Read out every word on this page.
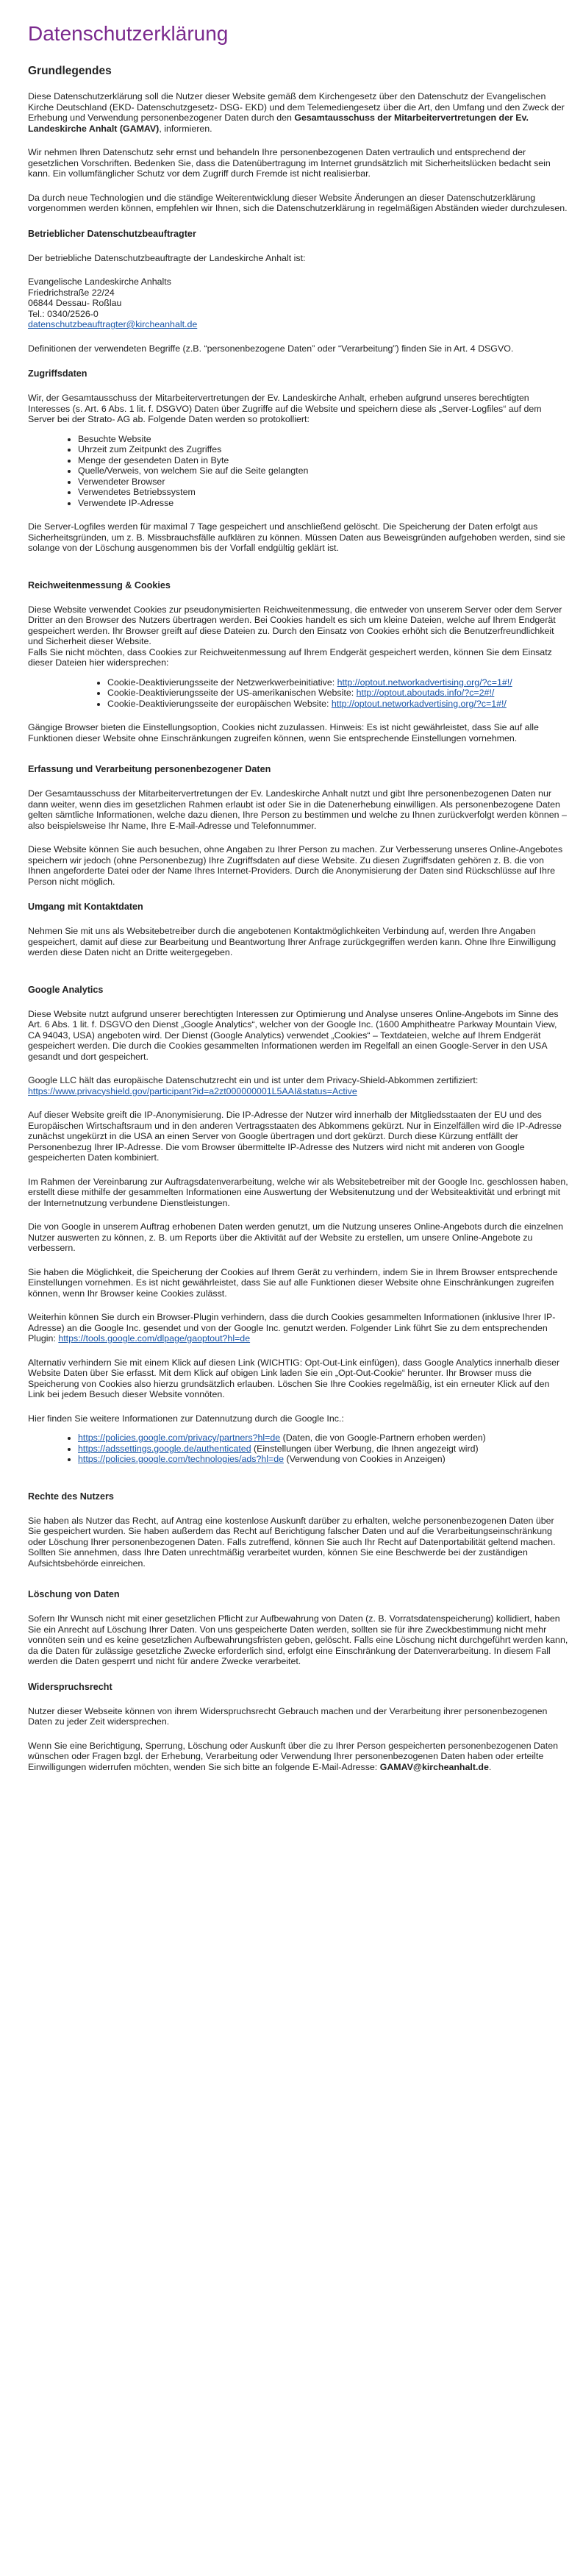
Datenschutzerklärung
Grundlegendes

Diese Datenschutzerklärung soll die Nutzer dieser Website gemäß dem Kirchengesetz über den Datenschutz der Evangelischen Kirche Deutschland (EKD- Datenschutzgesetz- DSG- EKD) und dem Telemediengesetz über die Art, den Umfang und den Zweck der Erhebung und Verwendung personenbezogener Daten durch den Gesamtausschuss der Mitarbeitervertretungen der Ev. Landeskirche Anhalt (GAMAV), informieren.

Wir nehmen Ihren Datenschutz sehr ernst und behandeln Ihre personenbezogenen Daten vertraulich und entsprechend der gesetzlichen Vorschriften. Bedenken Sie, dass die Datenübertragung im Internet grundsätzlich mit Sicherheitslücken bedacht sein kann. Ein vollumfänglicher Schutz vor dem Zugriff durch Fremde ist nicht realisierbar.

Da durch neue Technologien und die ständige Weiterentwicklung dieser Website Änderungen an dieser Datenschutzerklärung vorgenommen werden können, empfehlen wir Ihnen, sich die Datenschutzerklärung in regelmäßigen Abständen wieder durchzulesen.

Betrieblicher Datenschutzbeauftragter

Der betriebliche Datenschutzbeauftragte der Landeskirche Anhalt ist:

Evangelische Landeskirche Anhalts
Friedrichstraße 22/24
06844 Dessau- Roßlau
Tel.: 0340/2526-0
datenschutzbeauftragter@kircheanhalt.de

Definitionen der verwendeten Begriffe (z.B. “personenbezogene Daten” oder “Verarbeitung”) finden Sie in Art. 4 DSGVO.

Zugriffsdaten

Wir, der Gesamtausschuss der Mitarbeitervertretungen der Ev. Landeskirche Anhalt, erheben aufgrund unseres berechtigten Interesses (s. Art. 6 Abs. 1 lit. f. DSGVO) Daten über Zugriffe auf die Website und speichern diese als „Server-Logfiles“ auf dem Server bei der Strato- AG ab. Folgende Daten werden so protokolliert:

• Besuchte Website
• Uhrzeit zum Zeitpunkt des Zugriffes
• Menge der gesendeten Daten in Byte
• Quelle/Verweis, von welchem Sie auf die Seite gelangten
• Verwendeter Browser
• Verwendetes Betriebssystem
• Verwendete IP-Adresse

Die Server-Logfiles werden für maximal 7 Tage gespeichert und anschließend gelöscht. Die Speicherung der Daten erfolgt aus Sicherheitsgründen, um z. B. Missbrauchsfälle aufklären zu können. Müssen Daten aus Beweisgründen aufgehoben werden, sind sie solange von der Löschung ausgenommen bis der Vorfall endgültig geklärt ist.

Reichweitenmessung & Cookies

Diese Website verwendet Cookies zur pseudonymisierten Reichweitenmessung, die entweder von unserem Server oder dem Server Dritter an den Browser des Nutzers übertragen werden. Bei Cookies handelt es sich um kleine Dateien, welche auf Ihrem Endgerät gespeichert werden. Ihr Browser greift auf diese Dateien zu. Durch den Einsatz von Cookies erhöht sich die Benutzerfreundlichkeit und Sicherheit dieser Website.
Falls Sie nicht möchten, dass Cookies zur Reichweitenmessung auf Ihrem Endgerät gespeichert werden, können Sie dem Einsatz dieser Dateien hier widersprechen:

• Cookie-Deaktivierungsseite der Netzwerkwerbeinitiative: http://optout.networkadvertising.org/?c=1#!/
• Cookie-Deaktivierungsseite der US-amerikanischen Website: http://optout.aboutads.info/?c=2#!/
• Cookie-Deaktivierungsseite der europäischen Website: http://optout.networkadvertising.org/?c=1#!/

Gängige Browser bieten die Einstellungsoption, Cookies nicht zuzulassen. Hinweis: Es ist nicht gewährleistet, dass Sie auf alle Funktionen dieser Website ohne Einschränkungen zugreifen können, wenn Sie entsprechende Einstellungen vornehmen.

Erfassung und Verarbeitung personenbezogener Daten

Der Gesamtausschuss der Mitarbeitervertretungen der Ev. Landeskirche Anhalt nutzt und gibt Ihre personenbezogenen Daten nur dann weiter, wenn dies im gesetzlichen Rahmen erlaubt ist oder Sie in die Datenerhebung einwilligen. Als personenbezogene Daten gelten sämtliche Informationen, welche dazu dienen, Ihre Person zu bestimmen und welche zu Ihnen zurückverfolgt werden können – also beispielsweise Ihr Name, Ihre E-Mail-Adresse und Telefonnummer.

Diese Website können Sie auch besuchen, ohne Angaben zu Ihrer Person zu machen. Zur Verbesserung unseres Online-Angebotes speichern wir jedoch (ohne Personenbezug) Ihre Zugriffsdaten auf diese Website. Zu diesen Zugriffsdaten gehören z. B. die von Ihnen angeforderte Datei oder der Name Ihres Internet-Providers. Durch die Anonymisierung der Daten sind Rückschlüsse auf Ihre Person nicht möglich.

Umgang mit Kontaktdaten

Nehmen Sie mit uns als Websitebetreiber durch die angebotenen Kontaktmöglichkeiten Verbindung auf, werden Ihre Angaben gespeichert, damit auf diese zur Bearbeitung und Beantwortung Ihrer Anfrage zurückgegriffen werden kann. Ohne Ihre Einwilligung werden diese Daten nicht an Dritte weitergegeben.

Google Analytics

Diese Website nutzt aufgrund unserer berechtigten Interessen zur Optimierung und Analyse unseres Online-Angebots im Sinne des Art. 6 Abs. 1 lit. f. DSGVO den Dienst „Google Analytics“, welcher von der Google Inc. (1600 Amphitheatre Parkway Mountain View, CA 94043, USA) angeboten wird. Der Dienst (Google Analytics) verwendet „Cookies“ – Textdateien, welche auf Ihrem Endgerät gespeichert werden. Die durch die Cookies gesammelten Informationen werden im Regelfall an einen Google-Server in den USA gesandt und dort gespeichert.

Google LLC hält das europäische Datenschutzrecht ein und ist unter dem Privacy-Shield-Abkommen zertifiziert:
https://www.privacyshield.gov/participant?id=a2zt000000001L5AAI&status=Active

Auf dieser Website greift die IP-Anonymisierung. Die IP-Adresse der Nutzer wird innerhalb der Mitgliedsstaaten der EU und des Europäischen Wirtschaftsraum und in den anderen Vertragsstaaten des Abkommens gekürzt. Nur in Einzelfällen wird die IP-Adresse zunächst ungekürzt in die USA an einen Server von Google übertragen und dort gekürzt. Durch diese Kürzung entfällt der Personenbezug Ihrer IP-Adresse. Die vom Browser übermittelte IP-Adresse des Nutzers wird nicht mit anderen von Google gespeicherten Daten kombiniert.

Im Rahmen der Vereinbarung zur Auftragsdatenverarbeitung, welche wir als Websitebetreiber mit der Google Inc. geschlossen haben, erstellt diese mithilfe der gesammelten Informationen eine Auswertung der Websitenutzung und der Websiteaktivität und erbringt mit der Internetnutzung verbundene Dienstleistungen.

Die von Google in unserem Auftrag erhobenen Daten werden genutzt, um die Nutzung unseres Online-Angebots durch die einzelnen Nutzer auswerten zu können, z. B. um Reports über die Aktivität auf der Website zu erstellen, um unsere Online-Angebote zu verbessern.

Sie haben die Möglichkeit, die Speicherung der Cookies auf Ihrem Gerät zu verhindern, indem Sie in Ihrem Browser entsprechende Einstellungen vornehmen. Es ist nicht gewährleistet, dass Sie auf alle Funktionen dieser Website ohne Einschränkungen zugreifen können, wenn Ihr Browser keine Cookies zulässt.

Weiterhin können Sie durch ein Browser-Plugin verhindern, dass die durch Cookies gesammelten Informationen (inklusive Ihrer IP-Adresse) an die Google Inc. gesendet und von der Google Inc. genutzt werden. Folgender Link führt Sie zu dem entsprechenden Plugin: https://tools.google.com/dlpage/gaoptout?hl=de

Alternativ verhindern Sie mit einem Klick auf diesen Link (WICHTIG: Opt-Out-Link einfügen), dass Google Analytics innerhalb dieser Website Daten über Sie erfasst. Mit dem Klick auf obigen Link laden Sie ein „Opt-Out-Cookie“ herunter. Ihr Browser muss die Speicherung von Cookies also hierzu grundsätzlich erlauben. Löschen Sie Ihre Cookies regelmäßig, ist ein erneuter Klick auf den Link bei jedem Besuch dieser Website vonnöten.

Hier finden Sie weitere Informationen zur Datennutzung durch die Google Inc.:

• https://policies.google.com/privacy/partners?hl=de (Daten, die von Google-Partnern erhoben werden)
• https://adssettings.google.de/authenticated (Einstellungen über Werbung, die Ihnen angezeigt wird)
• https://policies.google.com/technologies/ads?hl=de (Verwendung von Cookies in Anzeigen)
Rechte des Nutzers

Sie haben als Nutzer das Recht, auf Antrag eine kostenlose Auskunft darüber zu erhalten, welche personenbezogenen Daten über Sie gespeichert wurden. Sie haben außerdem das Recht auf Berichtigung falscher Daten und auf die Verarbeitungseinschränkung oder Löschung Ihrer personenbezogenen Daten. Falls zutreffend, können Sie auch Ihr Recht auf Datenportabilität geltend machen. Sollten Sie annehmen, dass Ihre Daten unrechtmäßig verarbeitet wurden, können Sie eine Beschwerde bei der zuständigen Aufsichtsbehörde einreichen.

Löschung von Daten

Sofern Ihr Wunsch nicht mit einer gesetzlichen Pflicht zur Aufbewahrung von Daten (z. B. Vorratsdatenspeicherung) kollidiert, haben Sie ein Anrecht auf Löschung Ihrer Daten. Von uns gespeicherte Daten werden, sollten sie für ihre Zweckbestimmung nicht mehr vonnöten sein und es keine gesetzlichen Aufbewahrungsfristen geben, gelöscht. Falls eine Löschung nicht durchgeführt werden kann, da die Daten für zulässige gesetzliche Zwecke erforderlich sind, erfolgt eine Einschränkung der Datenverarbeitung. In diesem Fall werden die Daten gesperrt und nicht für andere Zwecke verarbeitet.

Widerspruchsrecht

Nutzer dieser Webseite können von ihrem Widerspruchsrecht Gebrauch machen und der Verarbeitung ihrer personenbezogenen Daten zu jeder Zeit widersprechen.

Wenn Sie eine Berichtigung, Sperrung, Löschung oder Auskunft über die zu Ihrer Person gespeicherten personenbezogenen Daten wünschen oder Fragen bzgl. der Erhebung, Verarbeitung oder Verwendung Ihrer personenbezogenen Daten haben oder erteilte Einwilligungen widerrufen möchten, wenden Sie sich bitte an folgende E-Mail-Adresse: GAMAV@kircheanhalt.de.
